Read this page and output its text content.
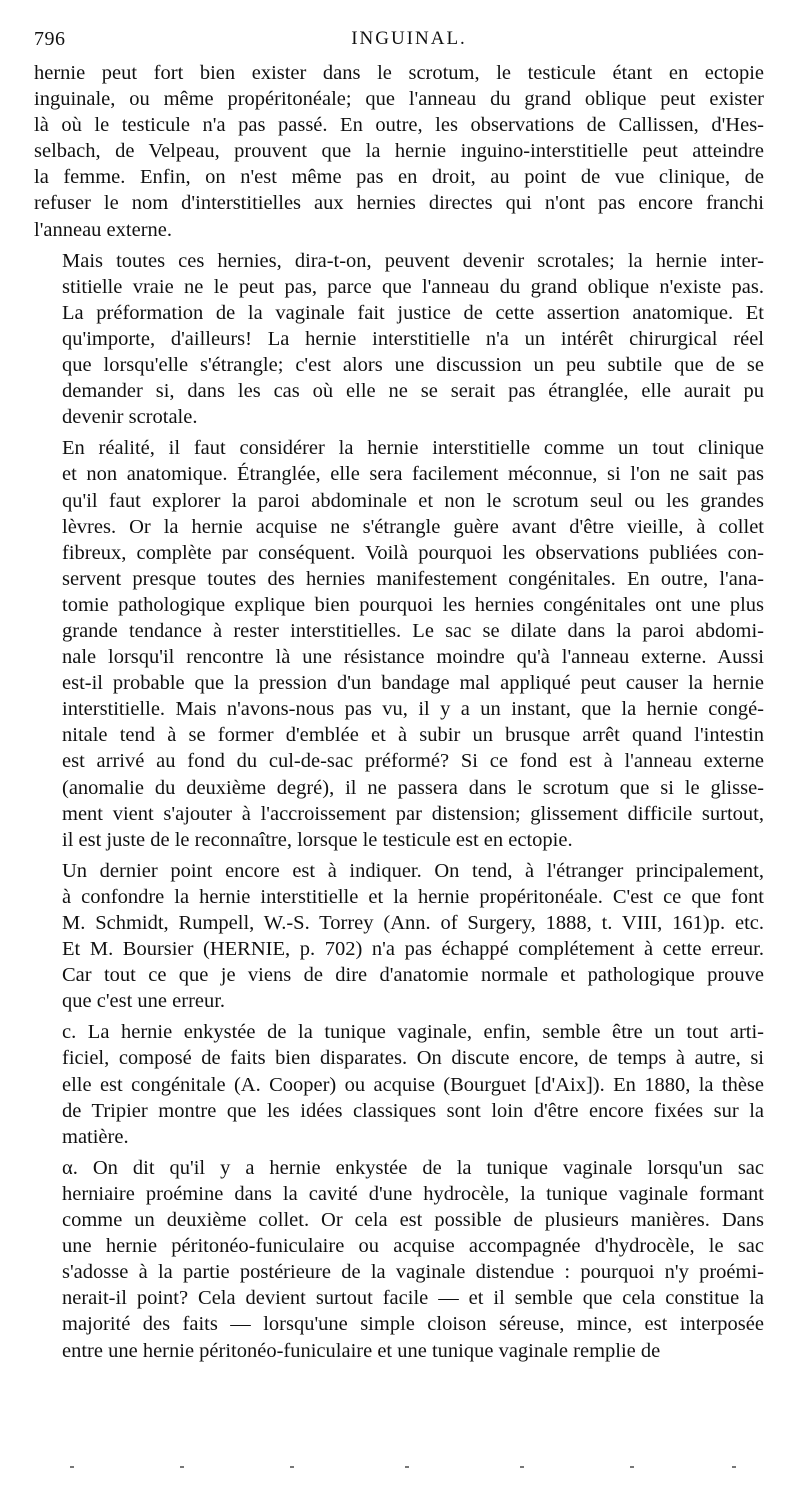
796	INGUINAL.

hernie peut fort bien exister dans le scrotum, le testicule étant en ectopie
inguinale, ou même propéritonéale; que l'anneau du grand oblique peut exister
là où le testicule n'a pas passé. En outre, les observations de Callissen, d'Hes-
selbach, de Velpeau, prouvent que la hernie inguino-interstitielle peut atteindre
la femme. Enfin, on n'est même pas en droit, au point de vue clinique, de
refuser le nom d'interstitielles aux hernies directes qui n'ont pas encore franchi
l'anneau externe.

Mais toutes ces hernies, dira-t-on, peuvent devenir scrotales; la hernie inter-
stitielle vraie ne le peut pas, parce que l'anneau du grand oblique n'existe pas.
La préformation de la vaginale fait justice de cette assertion anatomique. Et
qu'importe, d'ailleurs! La hernie interstitielle n'a un intérêt chirurgical réel
que lorsqu'elle s'étrangle; c'est alors une discussion un peu subtile que de se
demander si, dans les cas où elle ne se serait pas étranglée, elle aurait pu
devenir scrotale.

En réalité, il faut considérer la hernie interstitielle comme un tout clinique
et non anatomique. Étranglée, elle sera facilement méconnue, si l'on ne sait pas
qu'il faut explorer la paroi abdominale et non le scrotum seul ou les grandes
lèvres. Or la hernie acquise ne s'étrangle guère avant d'être vieille, à collet
fibreux, complète par conséquent. Voilà pourquoi les observations publiées con-
servent presque toutes des hernies manifestement congénitales. En outre, l'ana-
tomie pathologique explique bien pourquoi les hernies congénitales ont une plus
grande tendance à rester interstitielles. Le sac se dilate dans la paroi abdomi-
nale lorsqu'il rencontre là une résistance moindre qu'à l'anneau externe. Aussi
est-il probable que la pression d'un bandage mal appliqué peut causer la hernie
interstitielle. Mais n'avons-nous pas vu, il y a un instant, que la hernie congé-
nitale tend à se former d'emblée et à subir un brusque arrêt quand l'intestin
est arrivé au fond du cul-de-sac préformé? Si ce fond est à l'anneau externe
(anomalie du deuxième degré), il ne passera dans le scrotum que si le glisse-
ment vient s'ajouter à l'accroissement par distension; glissement difficile surtout,
il est juste de le reconnaître, lorsque le testicule est en ectopie.

Un dernier point encore est à indiquer. On tend, à l'étranger principalement,
à confondre la hernie interstitielle et la hernie propéritonéale. C'est ce que font
M. Schmidt, Rumpell, W.-S. Torrey (Ann. of Surgery, 1888, t. VIII, 161)p. etc.
Et M. Boursier (HERNIE, p. 702) n'a pas échappé complétement à cette erreur.
Car tout ce que je viens de dire d'anatomie normale et pathologique prouve
que c'est une erreur.

c. La hernie enkystée de la tunique vaginale, enfin, semble être un tout arti-
ficiel, composé de faits bien disparates. On discute encore, de temps à autre, si
elle est congénitale (A. Cooper) ou acquise (Bourguet [d'Aix]). En 1880, la thèse
de Tripier montre que les idées classiques sont loin d'être encore fixées sur la
matière.

α. On dit qu'il y a hernie enkystée de la tunique vaginale lorsqu'un sac
herniaire proémine dans la cavité d'une hydrocèle, la tunique vaginale formant
comme un deuxième collet. Or cela est possible de plusieurs manières. Dans
une hernie péritonéo-funiculaire ou acquise accompagnée d'hydrocèle, le sac
s'adosse à la partie postérieure de la vaginale distendue : pourquoi n'y proémi-
nerait-il point? Cela devient surtout facile — et il semble que cela constitue la
majorité des faits — lorsqu'une simple cloison séreuse, mince, est interposée
entre une hernie péritonéo-funiculaire et une tunique vaginale remplie de
